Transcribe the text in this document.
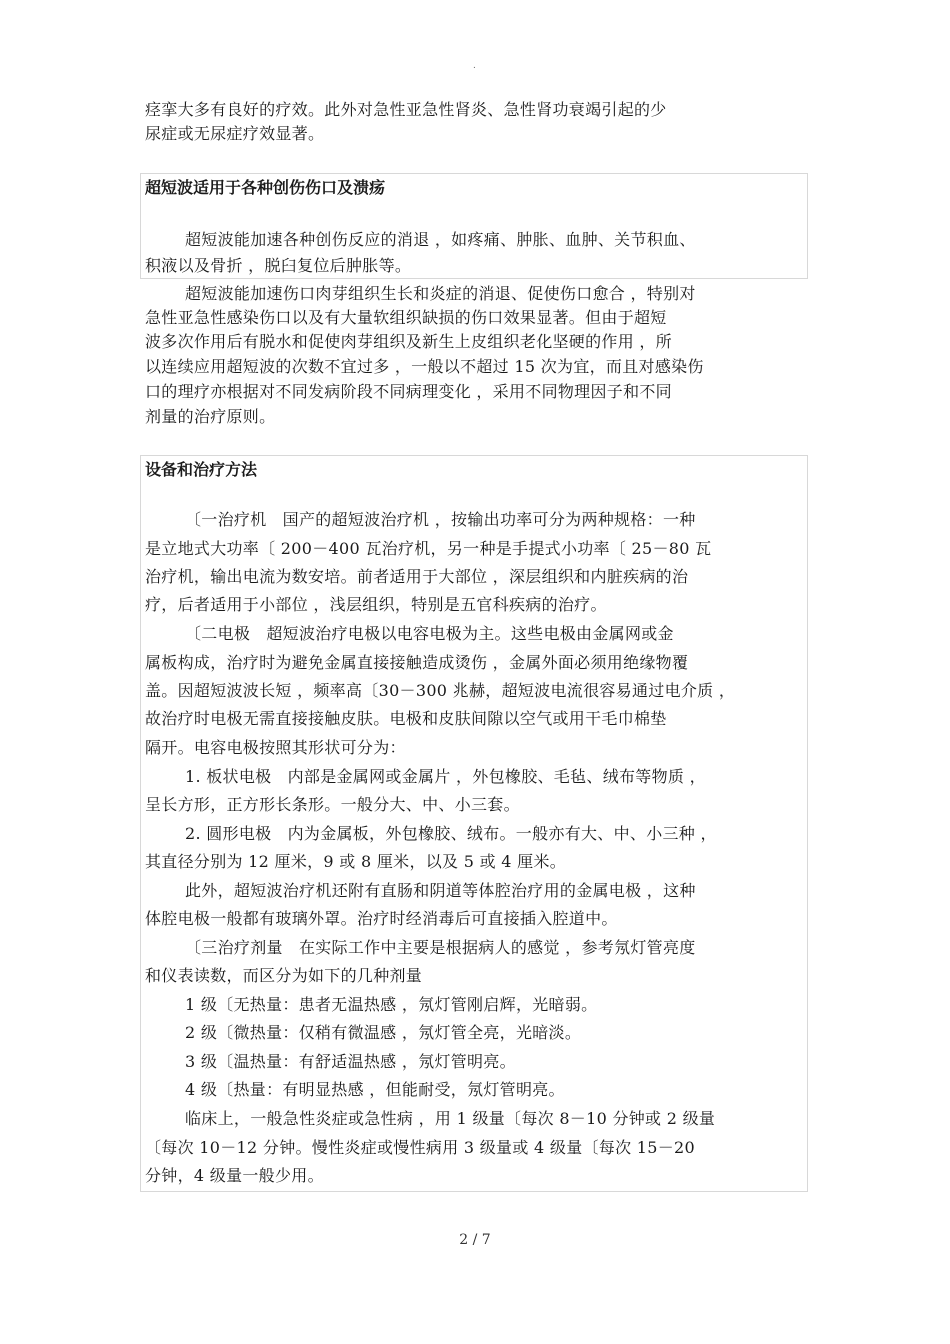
.
痉挛大多有良好的疗效。此外对急性亚急性肾炎、急性肾功衰竭引起的少
尿症或无尿症疗效显著。
超短波适用于各种创伤伤口及溃疡
超短波能加速各种创伤反应的消退 ，如疼痛、肿胀、血肿、关节积血、
积液以及骨折 ，脱臼复位后肿胀等。
超短波能加速伤口肉芽组织生长和炎症的消退、促使伤口愈合 ，特别对
急性亚急性感染伤口以及有大量软组织缺损的伤口效果显著。但由于超短
波多次作用后有脱水和促使肉芽组织及新生上皮组织老化坚硬的作用 ，所
以连续应用超短波的次数不宜过多 ，一般以不超过 15 次为宜，而且对感染伤
口的理疗亦根据对不同发病阶段不同病理变化 ，采用不同物理因子和不同
剂量的治疗原则。
设备和治疗方法
〔一治疗机   国产的超短波治疗机 ，按输出功率可分为两种规格：一种
是立地式大功率〔 200－400 瓦治疗机，另一种是手提式小功率〔 25－80 瓦
治疗机，输出电流为数安培。前者适用于大部位 ，深层组织和内脏疾病的治
疗，后者适用于小部位 ，浅层组织，特别是五官科疾病的治疗。
〔二电极   超短波治疗电极以电容电极为主。这些电极由金属网或金
属板构成，治疗时为避免金属直接接触造成烫伤 ，金属外面必须用绝缘物覆
盖。因超短波波长短 ，频率高〔30－300 兆赫，超短波电流很容易通过电介质 ，
故治疗时电极无需直接接触皮肤。电极和皮肤间隙以空气或用干毛巾棉垫
隔开。电容电极按照其形状可分为：
1. 板状电极   内部是金属网或金属片 ，外包橡胶、毛毡、绒布等物质 ，
呈长方形，正方形长条形。一般分大、中、小三套。
2. 圆形电极   内为金属板，外包橡胶、绒布。一般亦有大、中、小三种 ，
其直径分别为 12 厘米，9 或 8 厘米，以及 5 或 4 厘米。
此外，超短波治疗机还附有直肠和阴道等体腔治疗用的金属电极 ，这种
体腔电极一般都有玻璃外罩。治疗时经消毒后可直接插入腔道中。
〔三治疗剂量   在实际工作中主要是根据病人的感觉 ，参考氖灯管亮度
和仪表读数，而区分为如下的几种剂量
1 级〔无热量：患者无温热感 ，氖灯管刚启辉，光暗弱。
2 级〔微热量：仅稍有微温感 ，氖灯管全亮，光暗淡。
3 级〔温热量：有舒适温热感 ，氖灯管明亮。
4 级〔热量：有明显热感 ，但能耐受，氖灯管明亮。
临床上，一般急性炎症或急性病 ，用 1 级量〔每次 8－10 分钟或 2 级量
〔每次 10－12 分钟。慢性炎症或慢性病用 3 级量或 4 级量〔每次 15－20
分钟，4 级量一般少用。
2 / 7
